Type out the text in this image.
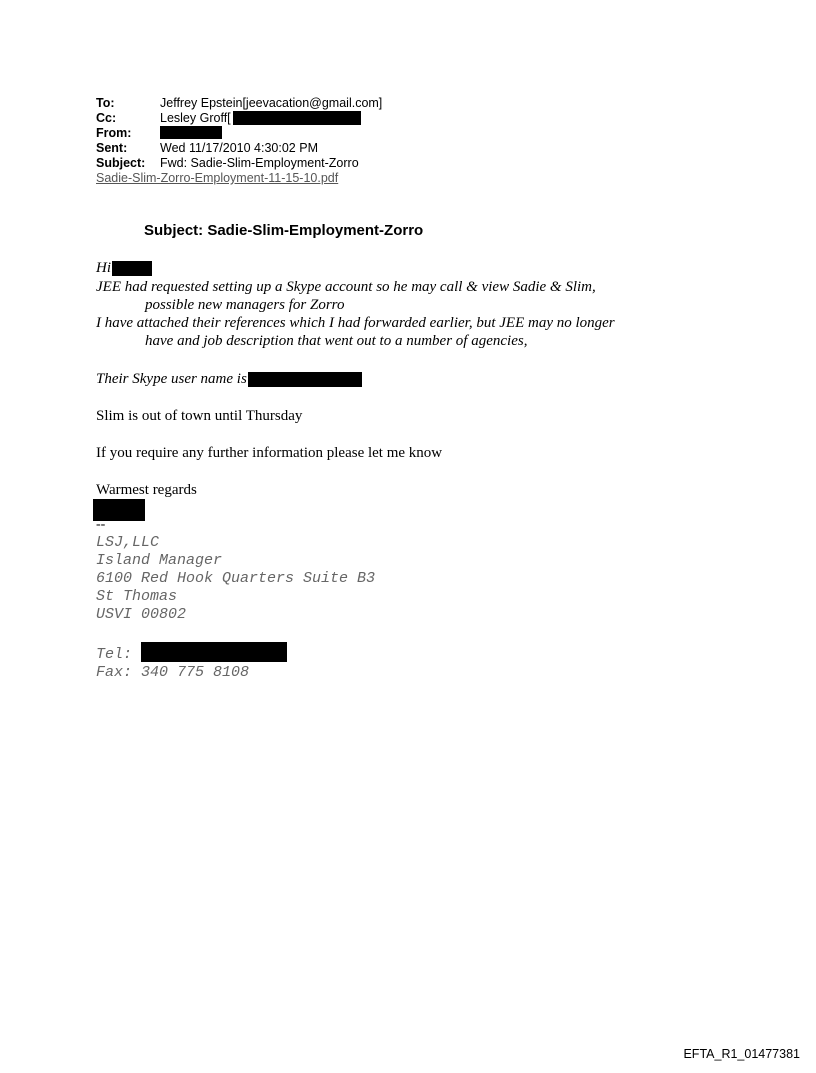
To:	Jeffrey Epstein[jeevacation@gmail.com]
Cc:	Lesley Groff[
From:
Sent:	Wed 11/17/2010 4:30:02 PM
Subject:	Fwd: Sadie-Slim-Employment-Zorro
Sadie-Slim-Zorro-Employment-11-15-10.pdf
Subject: Sadie-Slim-Employment-Zorro
Hi
JEE had requested setting up a Skype account so he may call & view Sadie & Slim,
possible new managers for Zorro
I have attached their references which I had forwarded earlier, but JEE may no longer
have and job description that went out to a number of agencies,
Their Skype user name is
Slim is out of town until Thursday
If you require any further information please let me know
Warmest regards
--
LSJ,LLC
Island Manager
6100 Red Hook Quarters Suite B3
St Thomas
USVI 00802
Tel:
Fax: 340 775 8108
EFTA_R1_01477381
